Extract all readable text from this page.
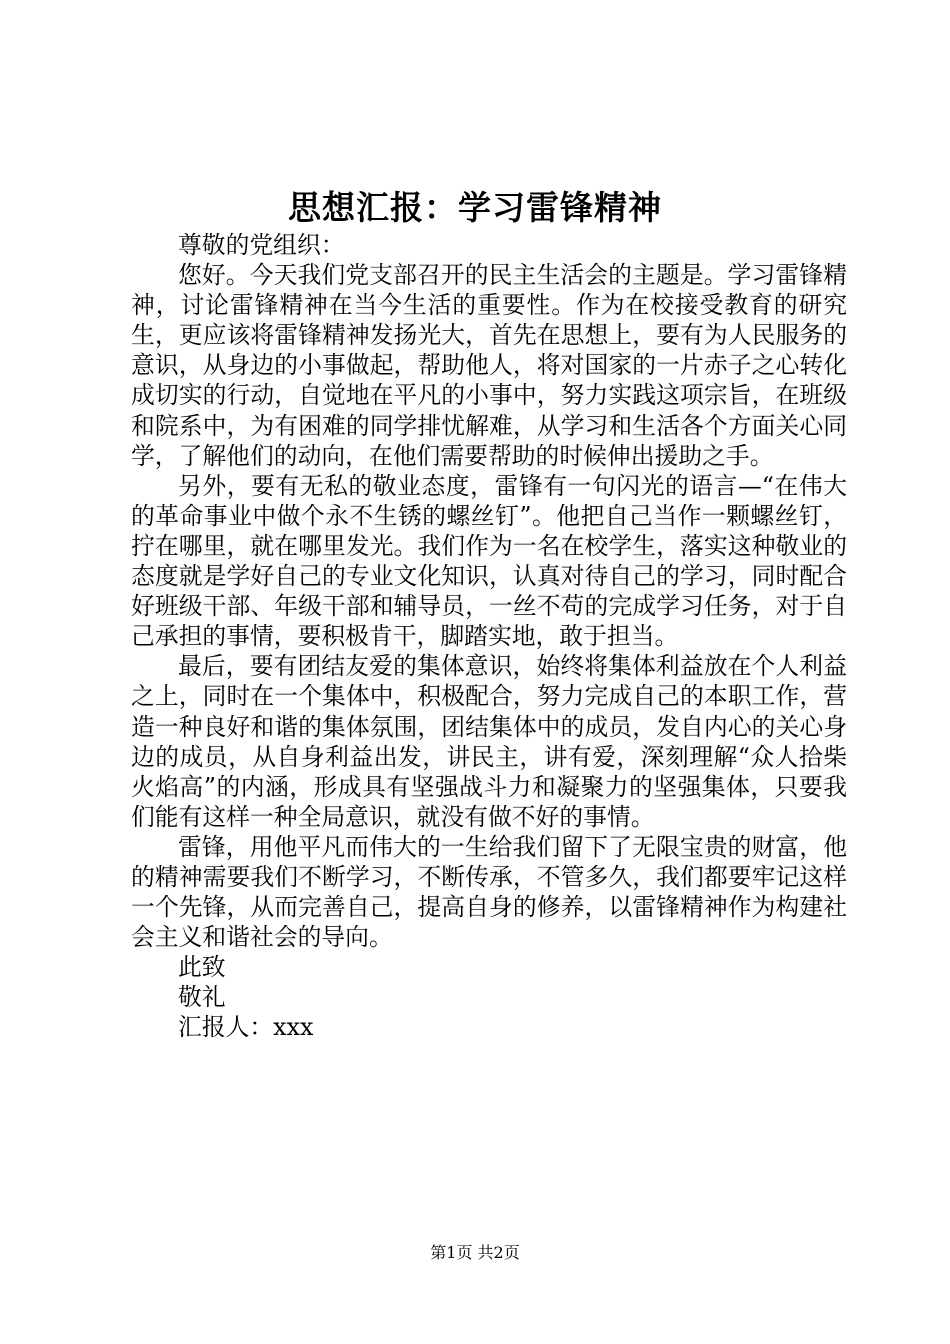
思想汇报：学习雷锋精神

尊敬的党组织：

您好。今天我们党支部召开的民主生活会的主题是。学习雷锋精神，讨论雷锋精神在当今生活的重要性。作为在校接受教育的研究生，更应该将雷锋精神发扬光大，首先在思想上，要有为人民服务的意识，从身边的小事做起，帮助他人，将对国家的一片赤子之心转化成切实的行动，自觉地在平凡的小事中，努力实践这项宗旨，在班级和院系中，为有困难的同学排忧解难，从学习和生活各个方面关心同学，了解他们的动向，在他们需要帮助的时候伸出援助之手。

另外，要有无私的敬业态度，雷锋有一句闪光的语言—“在伟大的革命事业中做个永不生锈的螺丝钉”。他把自己当作一颗螺丝钉，拧在哪里，就在哪里发光。我们作为一名在校学生，落实这种敬业的态度就是学好自己的专业文化知识，认真对待自己的学习，同时配合好班级干部、年级干部和辅导员，一丝不苟的完成学习任务，对于自己承担的事情，要积极肯干，脚踏实地，敢于担当。

最后，要有团结友爱的集体意识，始终将集体利益放在个人利益之上，同时在一个集体中，积极配合，努力完成自己的本职工作，营造一种良好和谐的集体氛围，团结集体中的成员，发自内心的关心身边的成员，从自身利益出发，讲民主，讲有爱，深刻理解“众人拾柴火焰高”的内涵，形成具有坚强战斗力和凝聚力的坚强集体，只要我们能有这样一种全局意识，就没有做不好的事情。

雷锋，用他平凡而伟大的一生给我们留下了无限宝贵的财富，他的精神需要我们不断学习，不断传承，不管多久，我们都要牢记这样一个先锋，从而完善自己，提高自身的修养，以雷锋精神作为构建社会主义和谐社会的导向。

此致

敬礼

汇报人：xxx

第1页 共2页
